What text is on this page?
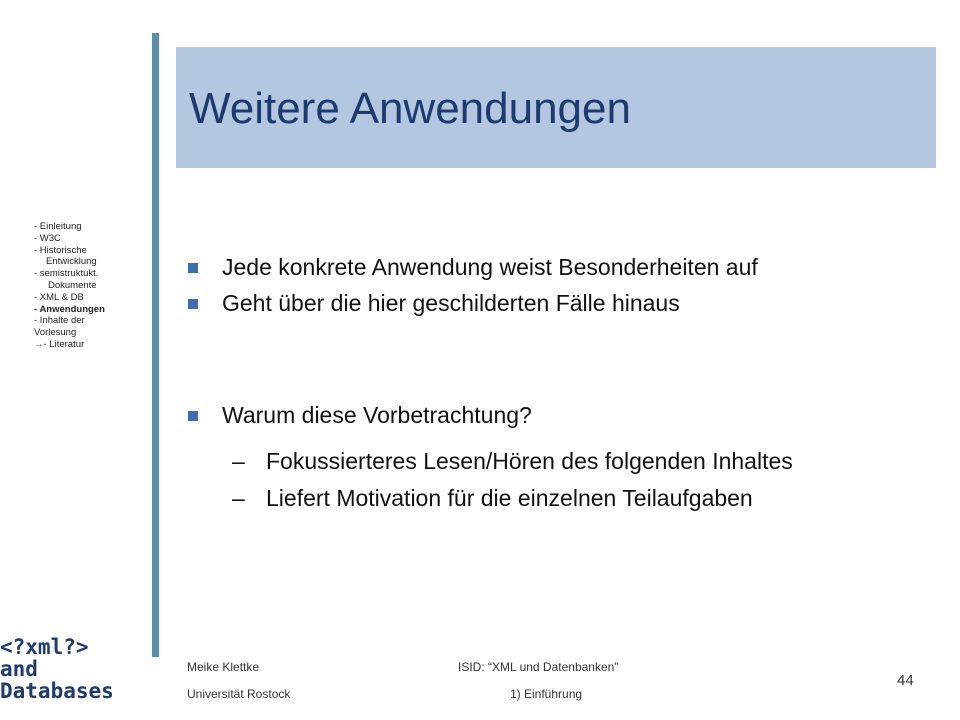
Weitere Anwendungen
- Einleitung
- W3C
- Historische
Entwicklung
- semistruktukt.
Dokumente
- XML & DB
- Anwendungen
- Inhalte der
Vorlesung
→- Literatur
Jede konkrete Anwendung weist Besonderheiten auf
Geht über die hier geschilderten Fälle hinaus
Warum diese Vorbetrachtung?
– Fokussierteres Lesen/Hören des folgenden Inhaltes
– Liefert Motivation für die einzelnen Teilaufgaben
<?xml?>
and
Databases
Meike Klettke
Universität Rostock
ISID: “XML und Datenbanken”
1) Einführung
44
